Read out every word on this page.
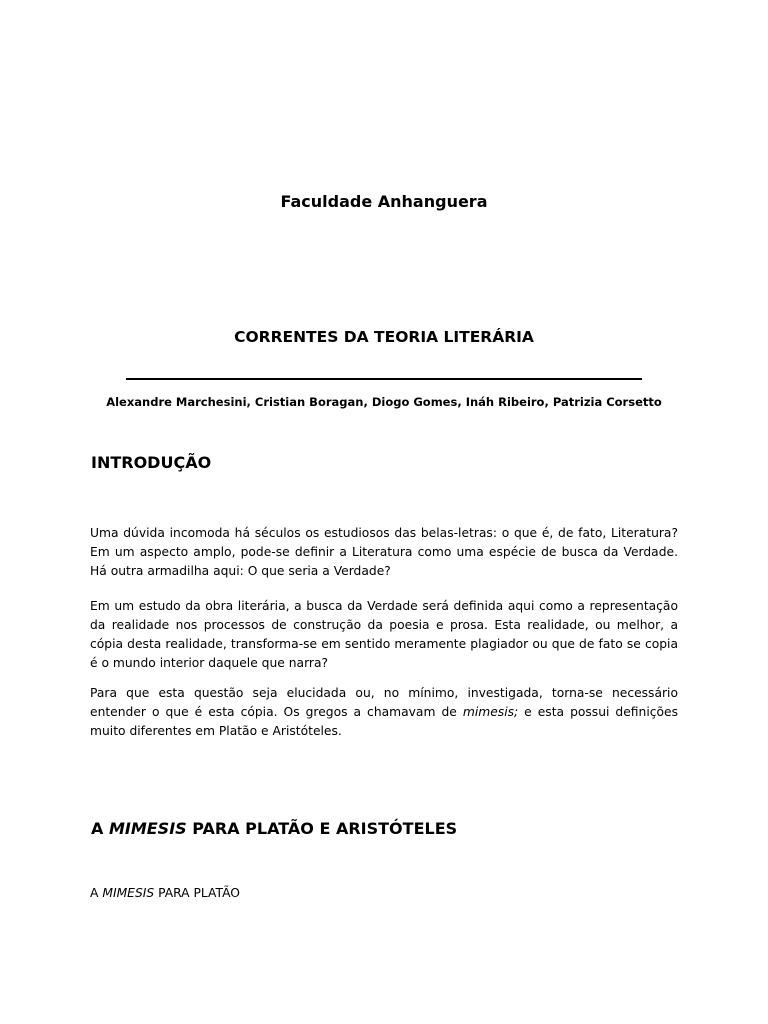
Faculdade Anhanguera
CORRENTES DA TEORIA LITERÁRIA
Alexandre Marchesini, Cristian Boragan, Diogo Gomes, Ináh Ribeiro, Patrizia Corsetto
INTRODUÇÃO

Uma dúvida incomoda há séculos os estudiosos das belas-letras: o que é, de fato, Literatura? Em um aspecto amplo, pode-se definir a Literatura como uma espécie de busca da Verdade. Há outra armadilha aqui: O que seria a Verdade?

Em um estudo da obra literária, a busca da Verdade será definida aqui como a representação da realidade nos processos de construção da poesia e prosa. Esta realidade, ou melhor, a cópia desta realidade, transforma-se em sentido meramente plagiador ou que de fato se copia é o mundo interior daquele que narra?

Para que esta questão seja elucidada ou, no mínimo, investigada, torna-se necessário entender o que é esta cópia. Os gregos a chamavam de mimesis; e esta possui definições muito diferentes em Platão e Aristóteles.

A MIMESIS PARA PLATÃO E ARISTÓTELES
A MIMESIS PARA PLATÃO
